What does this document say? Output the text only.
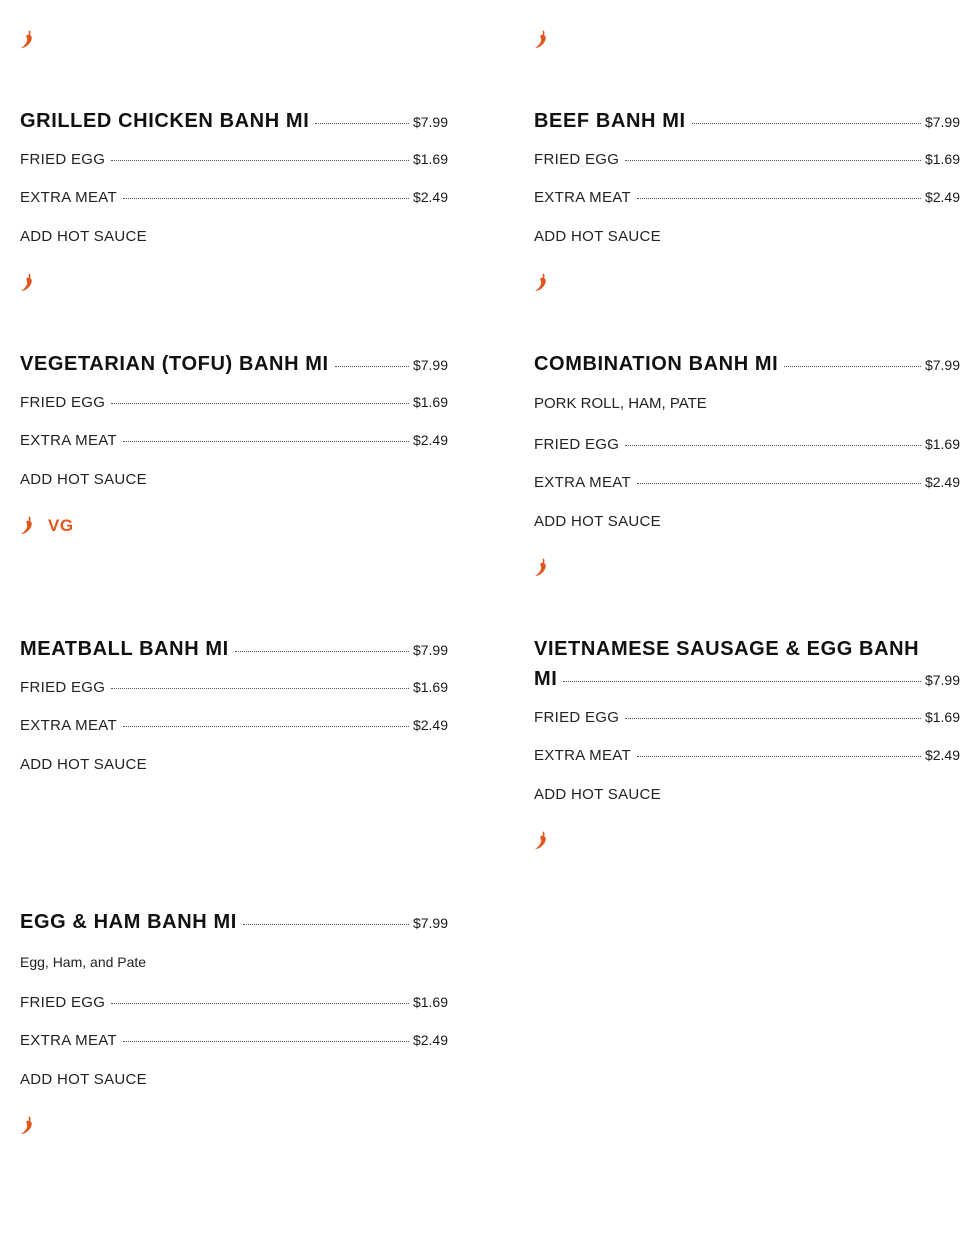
GRILLED CHICKEN BANH MI	$7.99
FRIED EGG	$1.69
EXTRA MEAT	$2.49
ADD HOT SAUCE
VEGETARIAN (TOFU) BANH MI	$7.99
FRIED EGG	$1.69
EXTRA MEAT	$2.49
ADD HOT SAUCE
VG
MEATBALL BANH MI	$7.99
FRIED EGG	$1.69
EXTRA MEAT	$2.49
ADD HOT SAUCE
EGG & HAM BANH MI	$7.99
Egg, Ham, and Pate
FRIED EGG	$1.69
EXTRA MEAT	$2.49
ADD HOT SAUCE
BEEF BANH MI	$7.99
FRIED EGG	$1.69
EXTRA MEAT	$2.49
ADD HOT SAUCE
COMBINATION BANH MI	$7.99
PORK ROLL, HAM, PATE
FRIED EGG	$1.69
EXTRA MEAT	$2.49
ADD HOT SAUCE
VIETNAMESE SAUSAGE & EGG BANH
MI	$7.99
FRIED EGG	$1.69
EXTRA MEAT	$2.49
ADD HOT SAUCE
